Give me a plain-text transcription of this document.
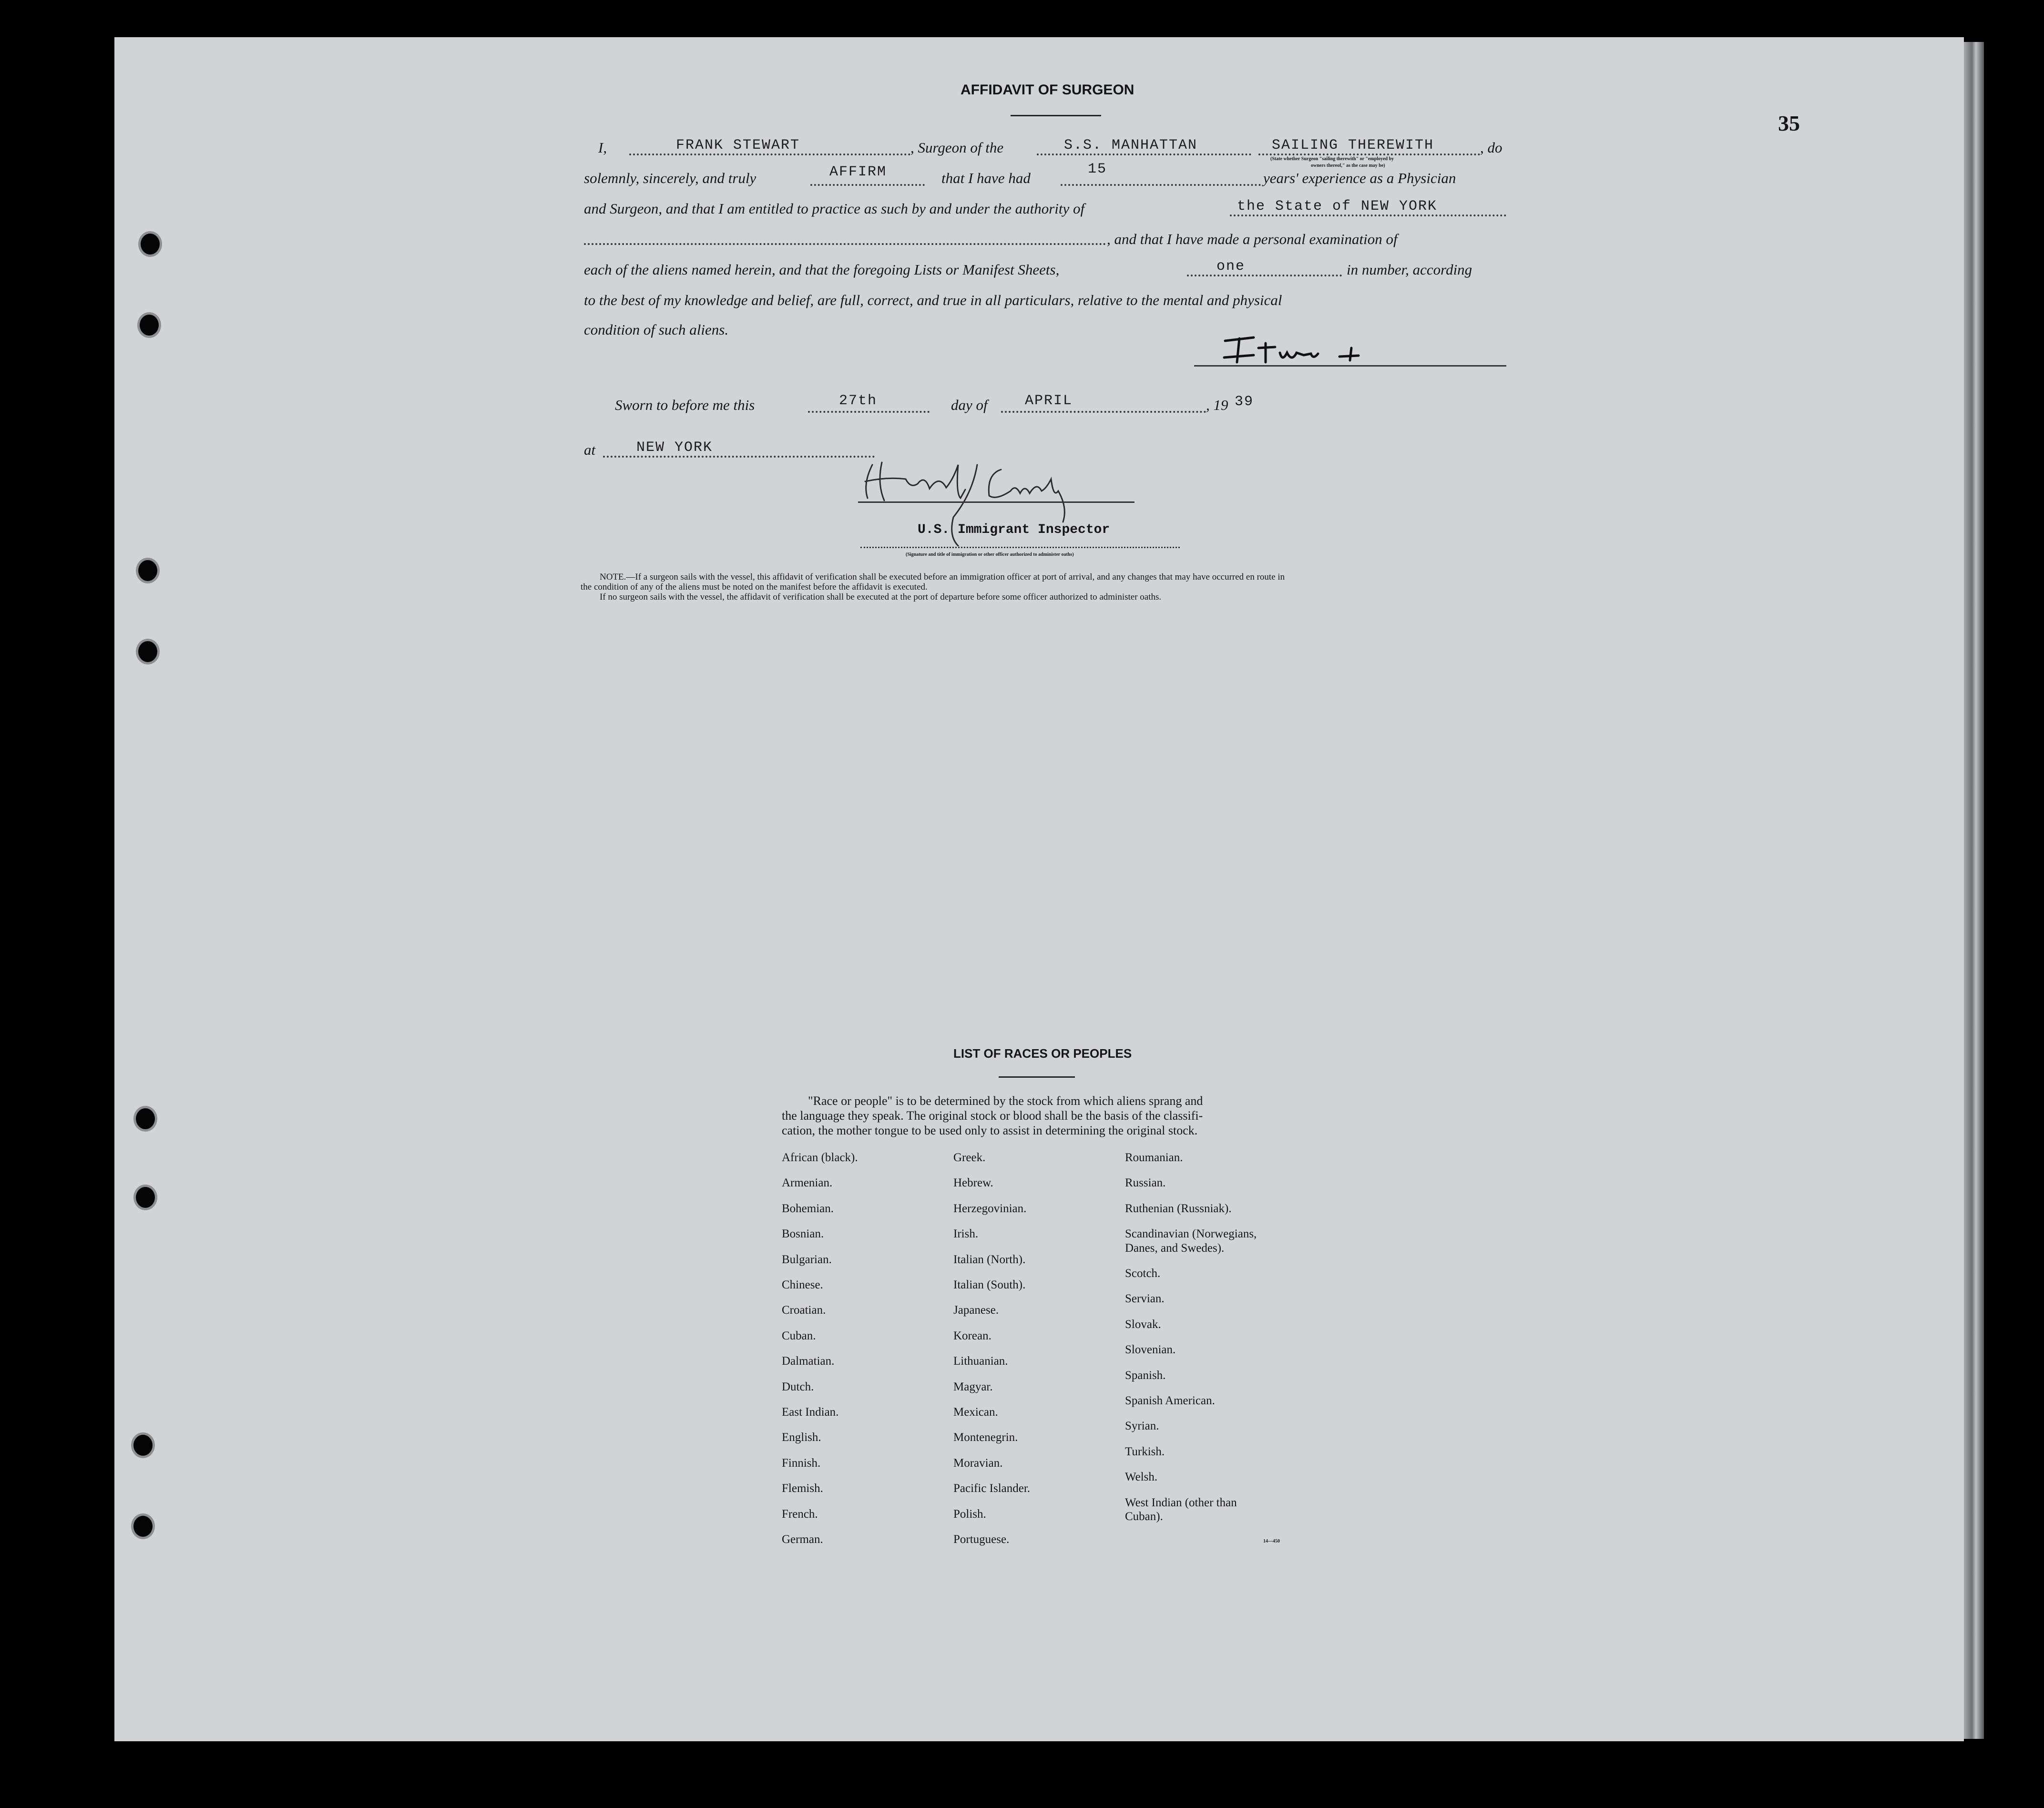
35
AFFIDAVIT OF SURGEON
I,	FRANK STEWART	, Surgeon of the	S.S. MANHATTAN	SAILING THEREWITH	, do
(State whether Surgeon "sailing therewith" or "employed by
owners thereof," as the case may be)
solemnly, sincerely, and truly	AFFIRM	that I have had
15
years' experience as a Physician
and Surgeon, and that I am entitled to practice as such by and under the authority of	the State of NEW YORK
, and that I have made a personal examination of
each of the aliens named herein, and that the foregoing Lists or Manifest Sheets,	one	in number, according
to the best of my knowledge and belief, are full, correct, and true in all particulars, relative to the mental and physical
condition of such aliens.
Sworn to before me this	27th	day of	APRIL	, 19 39
at	NEW YORK
U.S. Immigrant Inspector
(Signature and title of immigration or other officer authorized to administer oaths)
NOTE.—If a surgeon sails with the vessel, this affidavit of verification shall be executed before an immigration officer at port of arrival, and any changes that may have occurred en route in
the condition of any of the aliens must be noted on the manifest before the affidavit is executed.
If no surgeon sails with the vessel, the affidavit of verification shall be executed at the port of departure before some officer authorized to administer oaths.
LIST OF RACES OR PEOPLES
"Race or people" is to be determined by the stock from which aliens sprang and
the language they speak. The original stock or blood shall be the basis of the classifi-
cation, the mother tongue to be used only to assist in determining the original stock.
African (black).
Armenian.
Bohemian.
Bosnian.
Bulgarian.
Chinese.
Croatian.
Cuban.
Dalmatian.
Dutch.
East Indian.
English.
Finnish.
Flemish.
French.
German.
Greek.
Hebrew.
Herzegovinian.
Irish.
Italian (North).
Italian (South).
Japanese.
Korean.
Lithuanian.
Magyar.
Mexican.
Montenegrin.
Moravian.
Pacific Islander.
Polish.
Portuguese.
Roumanian.
Russian.
Ruthenian (Russniak).
Scandinavian (Norwegians,
Danes, and Swedes).
Scotch.
Servian.
Slovak.
Slovenian.
Spanish.
Spanish American.
Syrian.
Turkish.
Welsh.
West Indian (other than
Cuban).
14—450
